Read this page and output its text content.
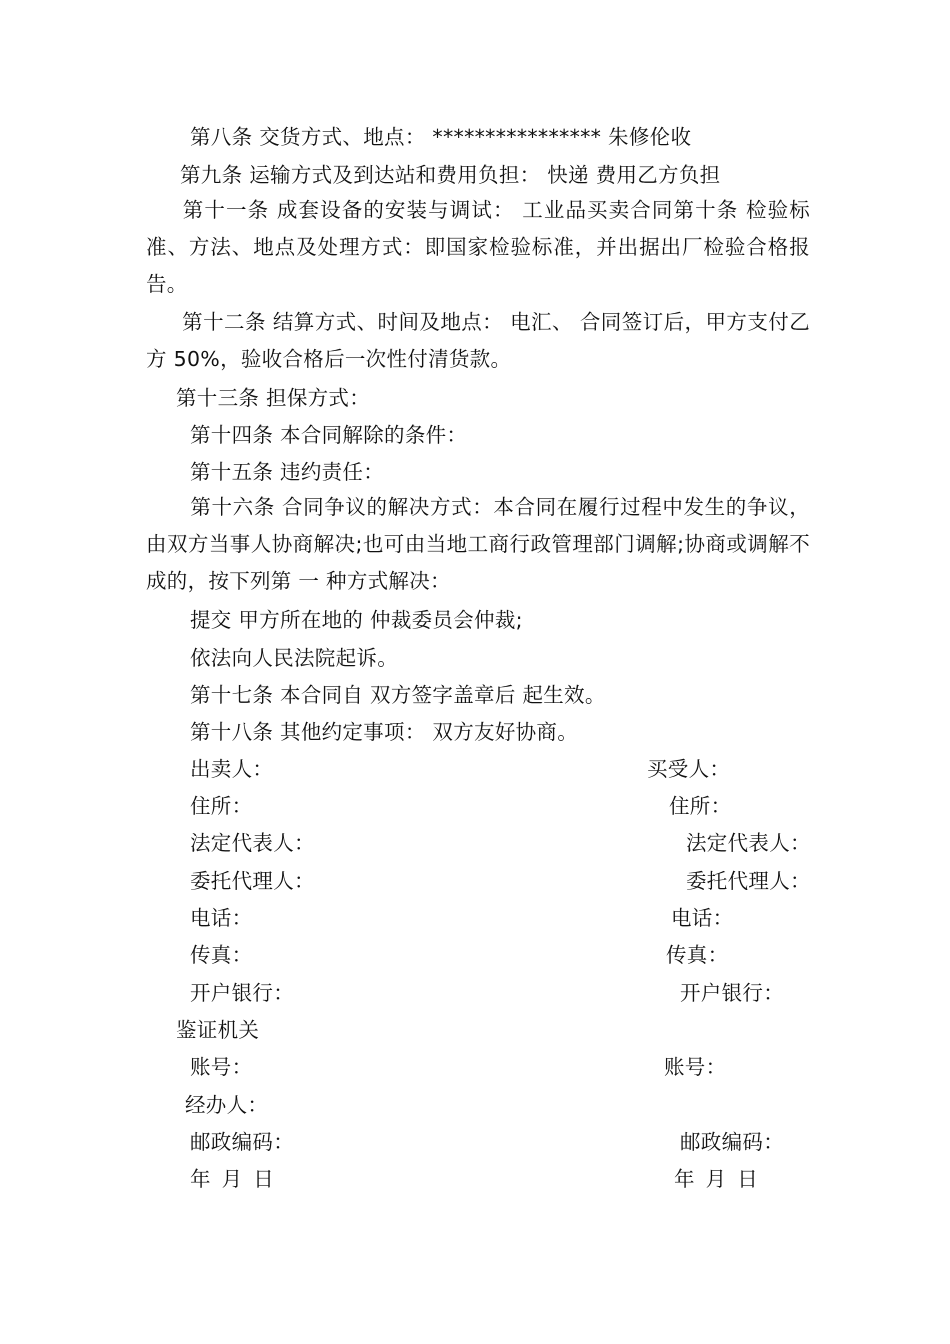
第八条 交货方式、地点： **************** 朱修伦收
第九条 运输方式及到达站和费用负担： 快递 费用乙方负担
第十一条 成套设备的安装与调试： 工业品买卖合同第十条 检验标准、方法、地点及处理方式：即国家检验标准，并出据出厂检验合格报告。
第十二条 结算方式、时间及地点： 电汇、 合同签订后，甲方支付乙方 50%，验收合格后一次性付清货款。
第十三条 担保方式：
第十四条 本合同解除的条件：
第十五条 违约责任：
第十六条 合同争议的解决方式：本合同在履行过程中发生的争议，由双方当事人协商解决;也可由当地工商行政管理部门调解;协商或调解不成的，按下列第 一 种方式解决：
提交 甲方所在地的 仲裁委员会仲裁;
依法向人民法院起诉。
第十七条 本合同自 双方签字盖章后 起生效。
第十八条 其他约定事项： 双方友好协商。
出卖人：	买受人：
住所：	住所：
法定代表人：	法定代表人：
委托代理人：	委托代理人：
电话：	电话：
传真：	传真：
开户银行：	开户银行：
鉴证机关
账号：	账号：
经办人：
邮政编码：	邮政编码：
年 月 日	年 月 日
